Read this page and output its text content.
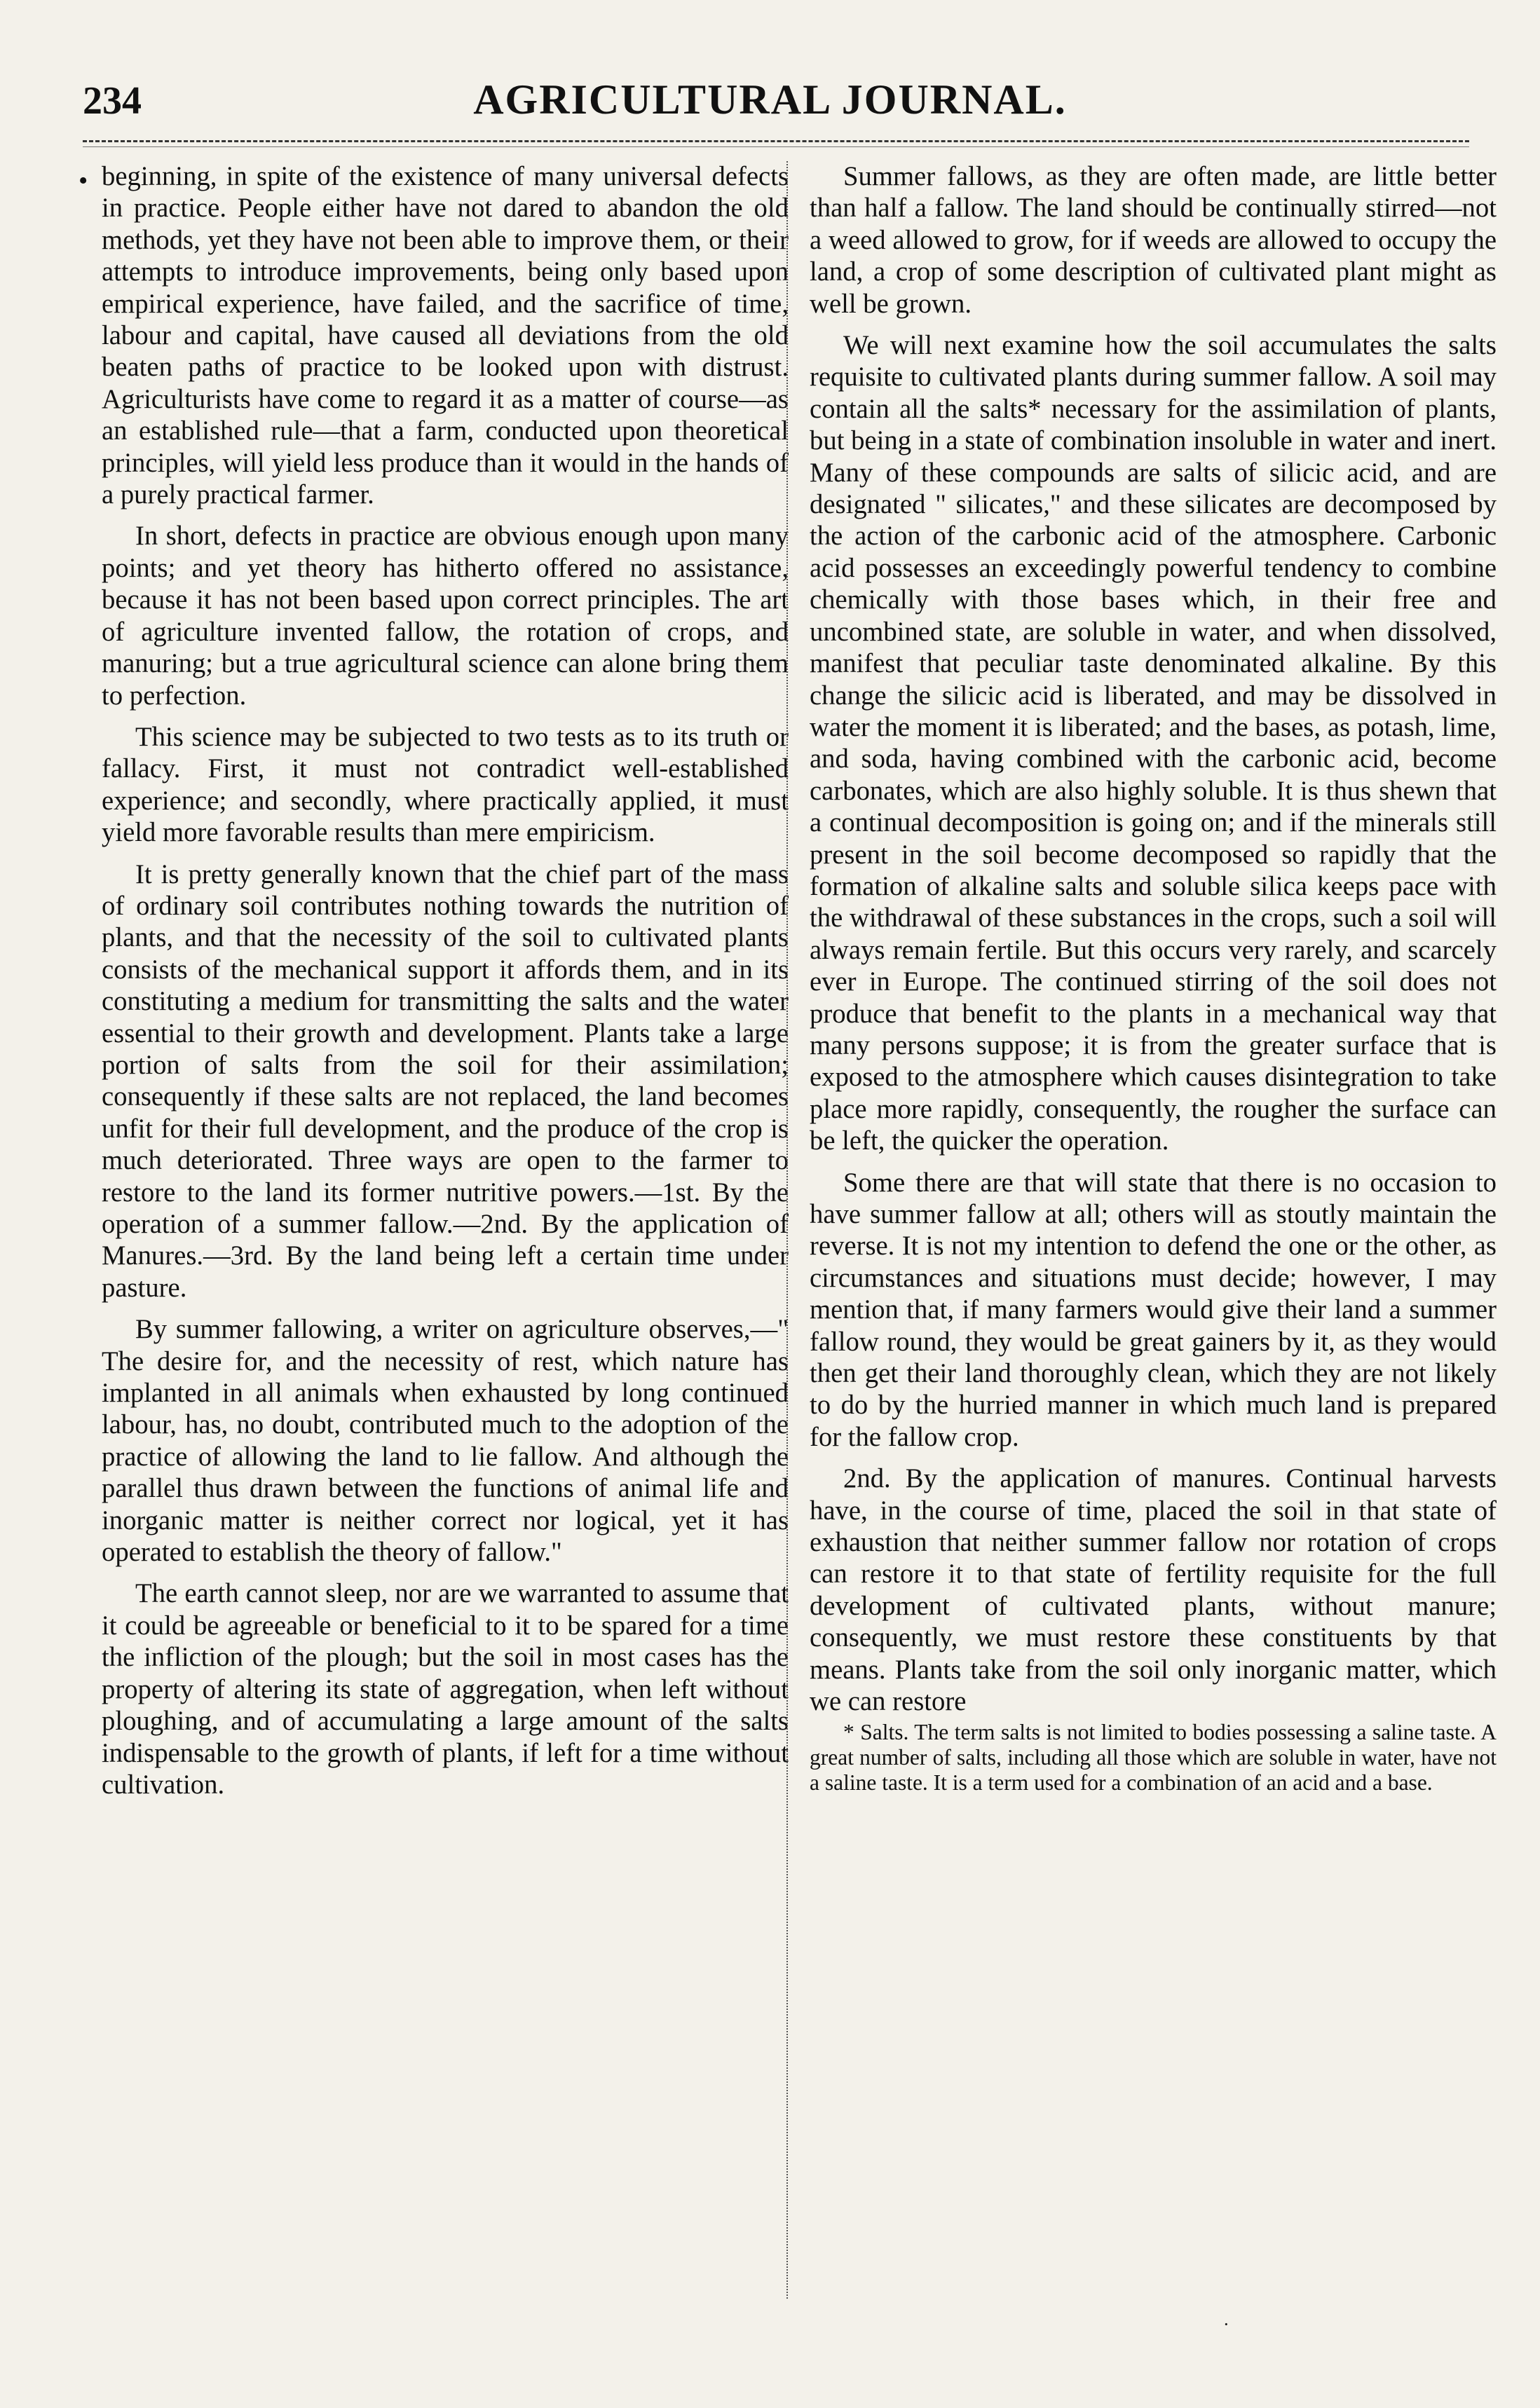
234	AGRICULTURAL JOURNAL.
• beginning, in spite of the existence of many universal defects in practice. People either have not dared to abandon the old methods, yet they have not been able to improve them, or their attempts to introduce improvements, being only based upon empirical experience, have failed, and the sacrifice of time, labour and capital, have caused all deviations from the old beaten paths of practice to be looked upon with distrust. Agriculturists have come to regard it as a matter of course—as an established rule—that a farm, conducted upon theoretical principles, will yield less produce than it would in the hands of a purely practical farmer.

In short, defects in practice are obvious enough upon many points; and yet theory has hitherto offered no assistance, because it has not been based upon correct principles. The art of agriculture invented fallow, the rotation of crops, and manuring; but a true agricultural science can alone bring them to perfection.

This science may be subjected to two tests as to its truth or fallacy. First, it must not contradict well-established experience; and secondly, where practically applied, it must yield more favorable results than mere empiricism.

It is pretty generally known that the chief part of the mass of ordinary soil contributes nothing towards the nutrition of plants, and that the necessity of the soil to cultivated plants consists of the mechanical support it affords them, and in its constituting a medium for transmitting the salts and the water essential to their growth and development. Plants take a large portion of salts from the soil for their assimilation; consequently if these salts are not replaced, the land becomes unfit for their full development, and the produce of the crop is much deteriorated. Three ways are open to the farmer to restore to the land its former nutritive powers.—1st. By the operation of a summer fallow.—2nd. By the application of Manures.—3rd. By the land being left a certain time under pasture.

By summer fallowing, a writer on agriculture observes,—" The desire for, and the necessity of rest, which nature has implanted in all animals when exhausted by long continued labour, has, no doubt, contributed much to the adoption of the practice of allowing the land to lie fallow. And although the parallel thus drawn between the functions of animal life and inorganic matter is neither correct nor logical, yet it has operated to establish the theory of fallow."

The earth cannot sleep, nor are we warranted to assume that it could be agreeable or beneficial to it to be spared for a time the infliction of the plough; but the soil in most cases has the property of altering its state of aggregation, when left without ploughing, and of accumulating a large amount of the salts indispensable to the growth of plants, if left for a time without cultivation.

Summer fallows, as they are often made, are little better than half a fallow. The land should be continually stirred—not a weed allowed to grow, for if weeds are allowed to occupy the land, a crop of some description of cultivated plant might as well be grown.

We will next examine how the soil accumulates the salts requisite to cultivated plants during summer fallow. A soil may contain all the salts* necessary for the assimilation of plants, but being in a state of combination insoluble in water and inert. Many of these compounds are salts of silicic acid, and are designated " silicates," and these silicates are decomposed by the action of the carbonic acid of the atmosphere. Carbonic acid possesses an exceedingly powerful tendency to combine chemically with those bases which, in their free and uncombined state, are soluble in water, and when dissolved, manifest that peculiar taste denominated alkaline. By this change the silicic acid is liberated, and may be dissolved in water the moment it is liberated; and the bases, as potash, lime, and soda, having combined with the carbonic acid, become carbonates, which are also highly soluble. It is thus shewn that a continual decomposition is going on; and if the minerals still present in the soil become decomposed so rapidly that the formation of alkaline salts and soluble silica keeps pace with the withdrawal of these substances in the crops, such a soil will always remain fertile. But this occurs very rarely, and scarcely ever in Europe. The continued stirring of the soil does not produce that benefit to the plants in a mechanical way that many persons suppose; it is from the greater surface that is exposed to the atmosphere which causes disintegration to take place more rapidly, consequently, the rougher the surface can be left, the quicker the operation.

Some there are that will state that there is no occasion to have summer fallow at all; others will as stoutly maintain the reverse. It is not my intention to defend the one or the other, as circumstances and situations must decide; however, I may mention that, if many farmers would give their land a summer fallow round, they would be great gainers by it, as they would then get their land thoroughly clean, which they are not likely to do by the hurried manner in which much land is prepared for the fallow crop.

2nd. By the application of manures. Continual harvests have, in the course of time, placed the soil in that state of exhaustion that neither summer fallow nor rotation of crops can restore it to that state of fertility requisite for the full development of cultivated plants, without manure; consequently, we must restore these constituents by that means. Plants take from the soil only inorganic matter, which we can restore

* Salts. The term salts is not limited to bodies possessing a saline taste. A great number of salts, including all those which are soluble in water, have not a saline taste. It is a term used for a combination of an acid and a base.
·
